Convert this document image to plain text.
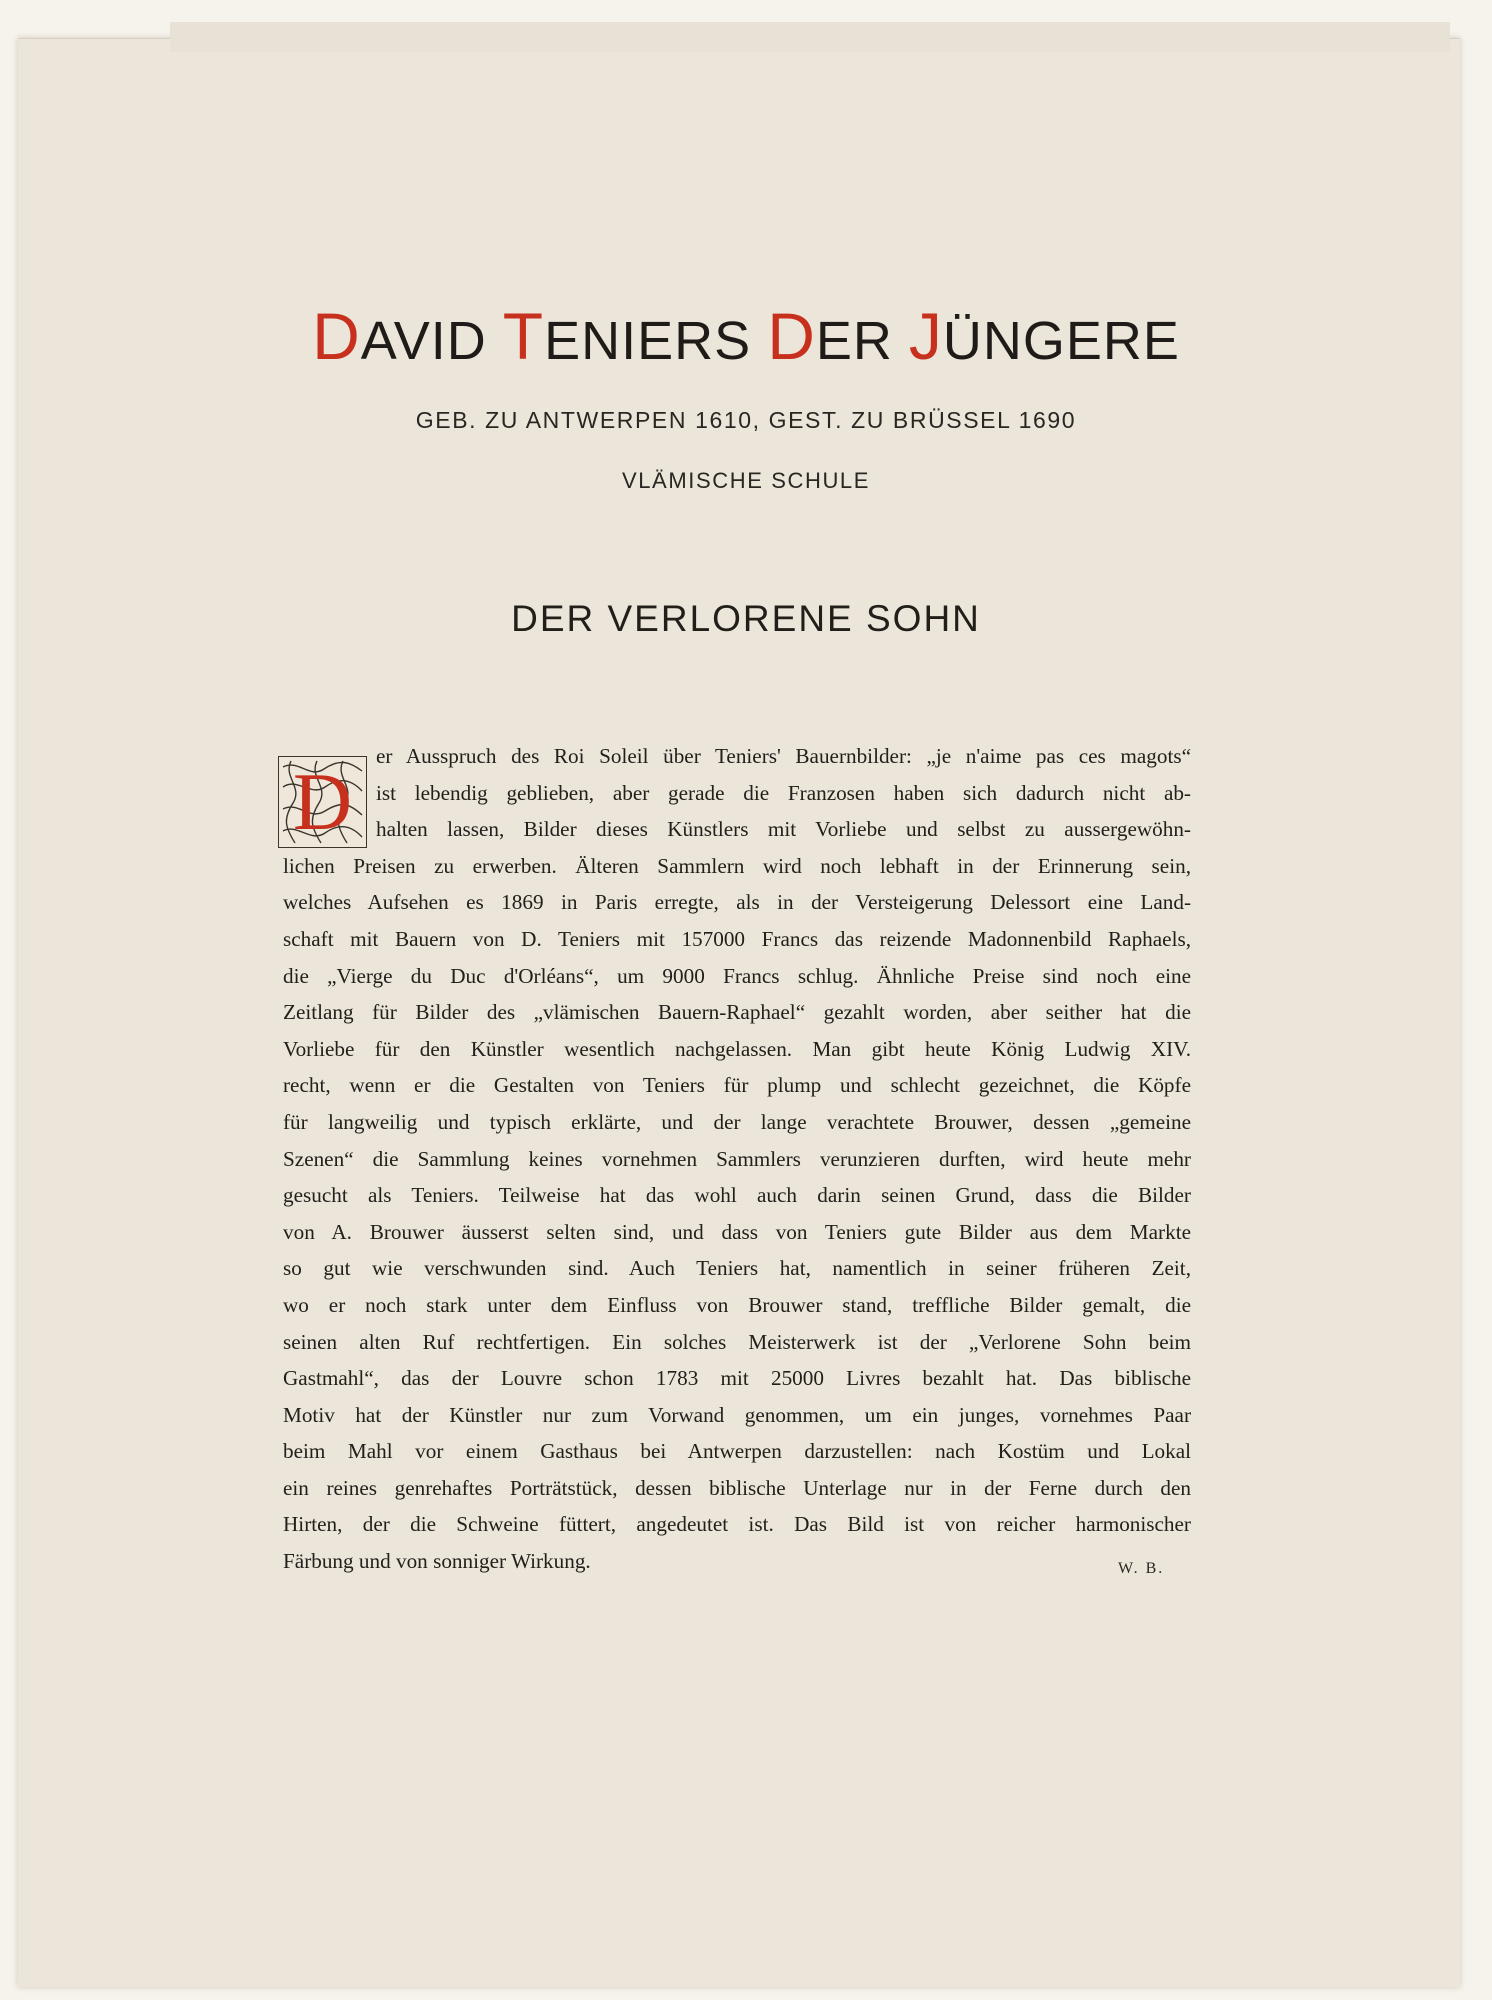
DAVID TENIERS DER JÜNGERE
GEB. ZU ANTWERPEN 1610, GEST. ZU BRÜSSEL 1690
VLÄMISCHE SCHULE
DER VERLORENE SOHN
D	er Ausspruch des Roi Soleil über Teniers' Bauernbilder: „je n'aime pas ces magots“
ist lebendig geblieben, aber gerade die Franzosen haben sich dadurch nicht ab-
halten lassen, Bilder dieses Künstlers mit Vorliebe und selbst zu aussergewöhn-
lichen Preisen zu erwerben. Älteren Sammlern wird noch lebhaft in der Erinnerung sein,
welches Aufsehen es 1869 in Paris erregte, als in der Versteigerung Delessort eine Land-
schaft mit Bauern von D. Teniers mit 157000 Francs das reizende Madonnenbild Raphaels,
die „Vierge du Duc d'Orléans“, um 9000 Francs schlug. Ähnliche Preise sind noch eine
Zeitlang für Bilder des „vlämischen Bauern-Raphael“ gezahlt worden, aber seither hat die
Vorliebe für den Künstler wesentlich nachgelassen. Man gibt heute König Ludwig XIV.
recht, wenn er die Gestalten von Teniers für plump und schlecht gezeichnet, die Köpfe
für langweilig und typisch erklärte, und der lange verachtete Brouwer, dessen „gemeine
Szenen“ die Sammlung keines vornehmen Sammlers verunzieren durften, wird heute mehr
gesucht als Teniers. Teilweise hat das wohl auch darin seinen Grund, dass die Bilder
von A. Brouwer äusserst selten sind, und dass von Teniers gute Bilder aus dem Markte
so gut wie verschwunden sind. Auch Teniers hat, namentlich in seiner früheren Zeit,
wo er noch stark unter dem Einfluss von Brouwer stand, treffliche Bilder gemalt, die
seinen alten Ruf rechtfertigen. Ein solches Meisterwerk ist der „Verlorene Sohn beim
Gastmahl“, das der Louvre schon 1783 mit 25000 Livres bezahlt hat. Das biblische
Motiv hat der Künstler nur zum Vorwand genommen, um ein junges, vornehmes Paar
beim Mahl vor einem Gasthaus bei Antwerpen darzustellen: nach Kostüm und Lokal
ein reines genrehaftes Porträtstück, dessen biblische Unterlage nur in der Ferne durch den
Hirten, der die Schweine füttert, angedeutet ist. Das Bild ist von reicher harmonischer
Färbung und von sonniger Wirkung.	W. B.
